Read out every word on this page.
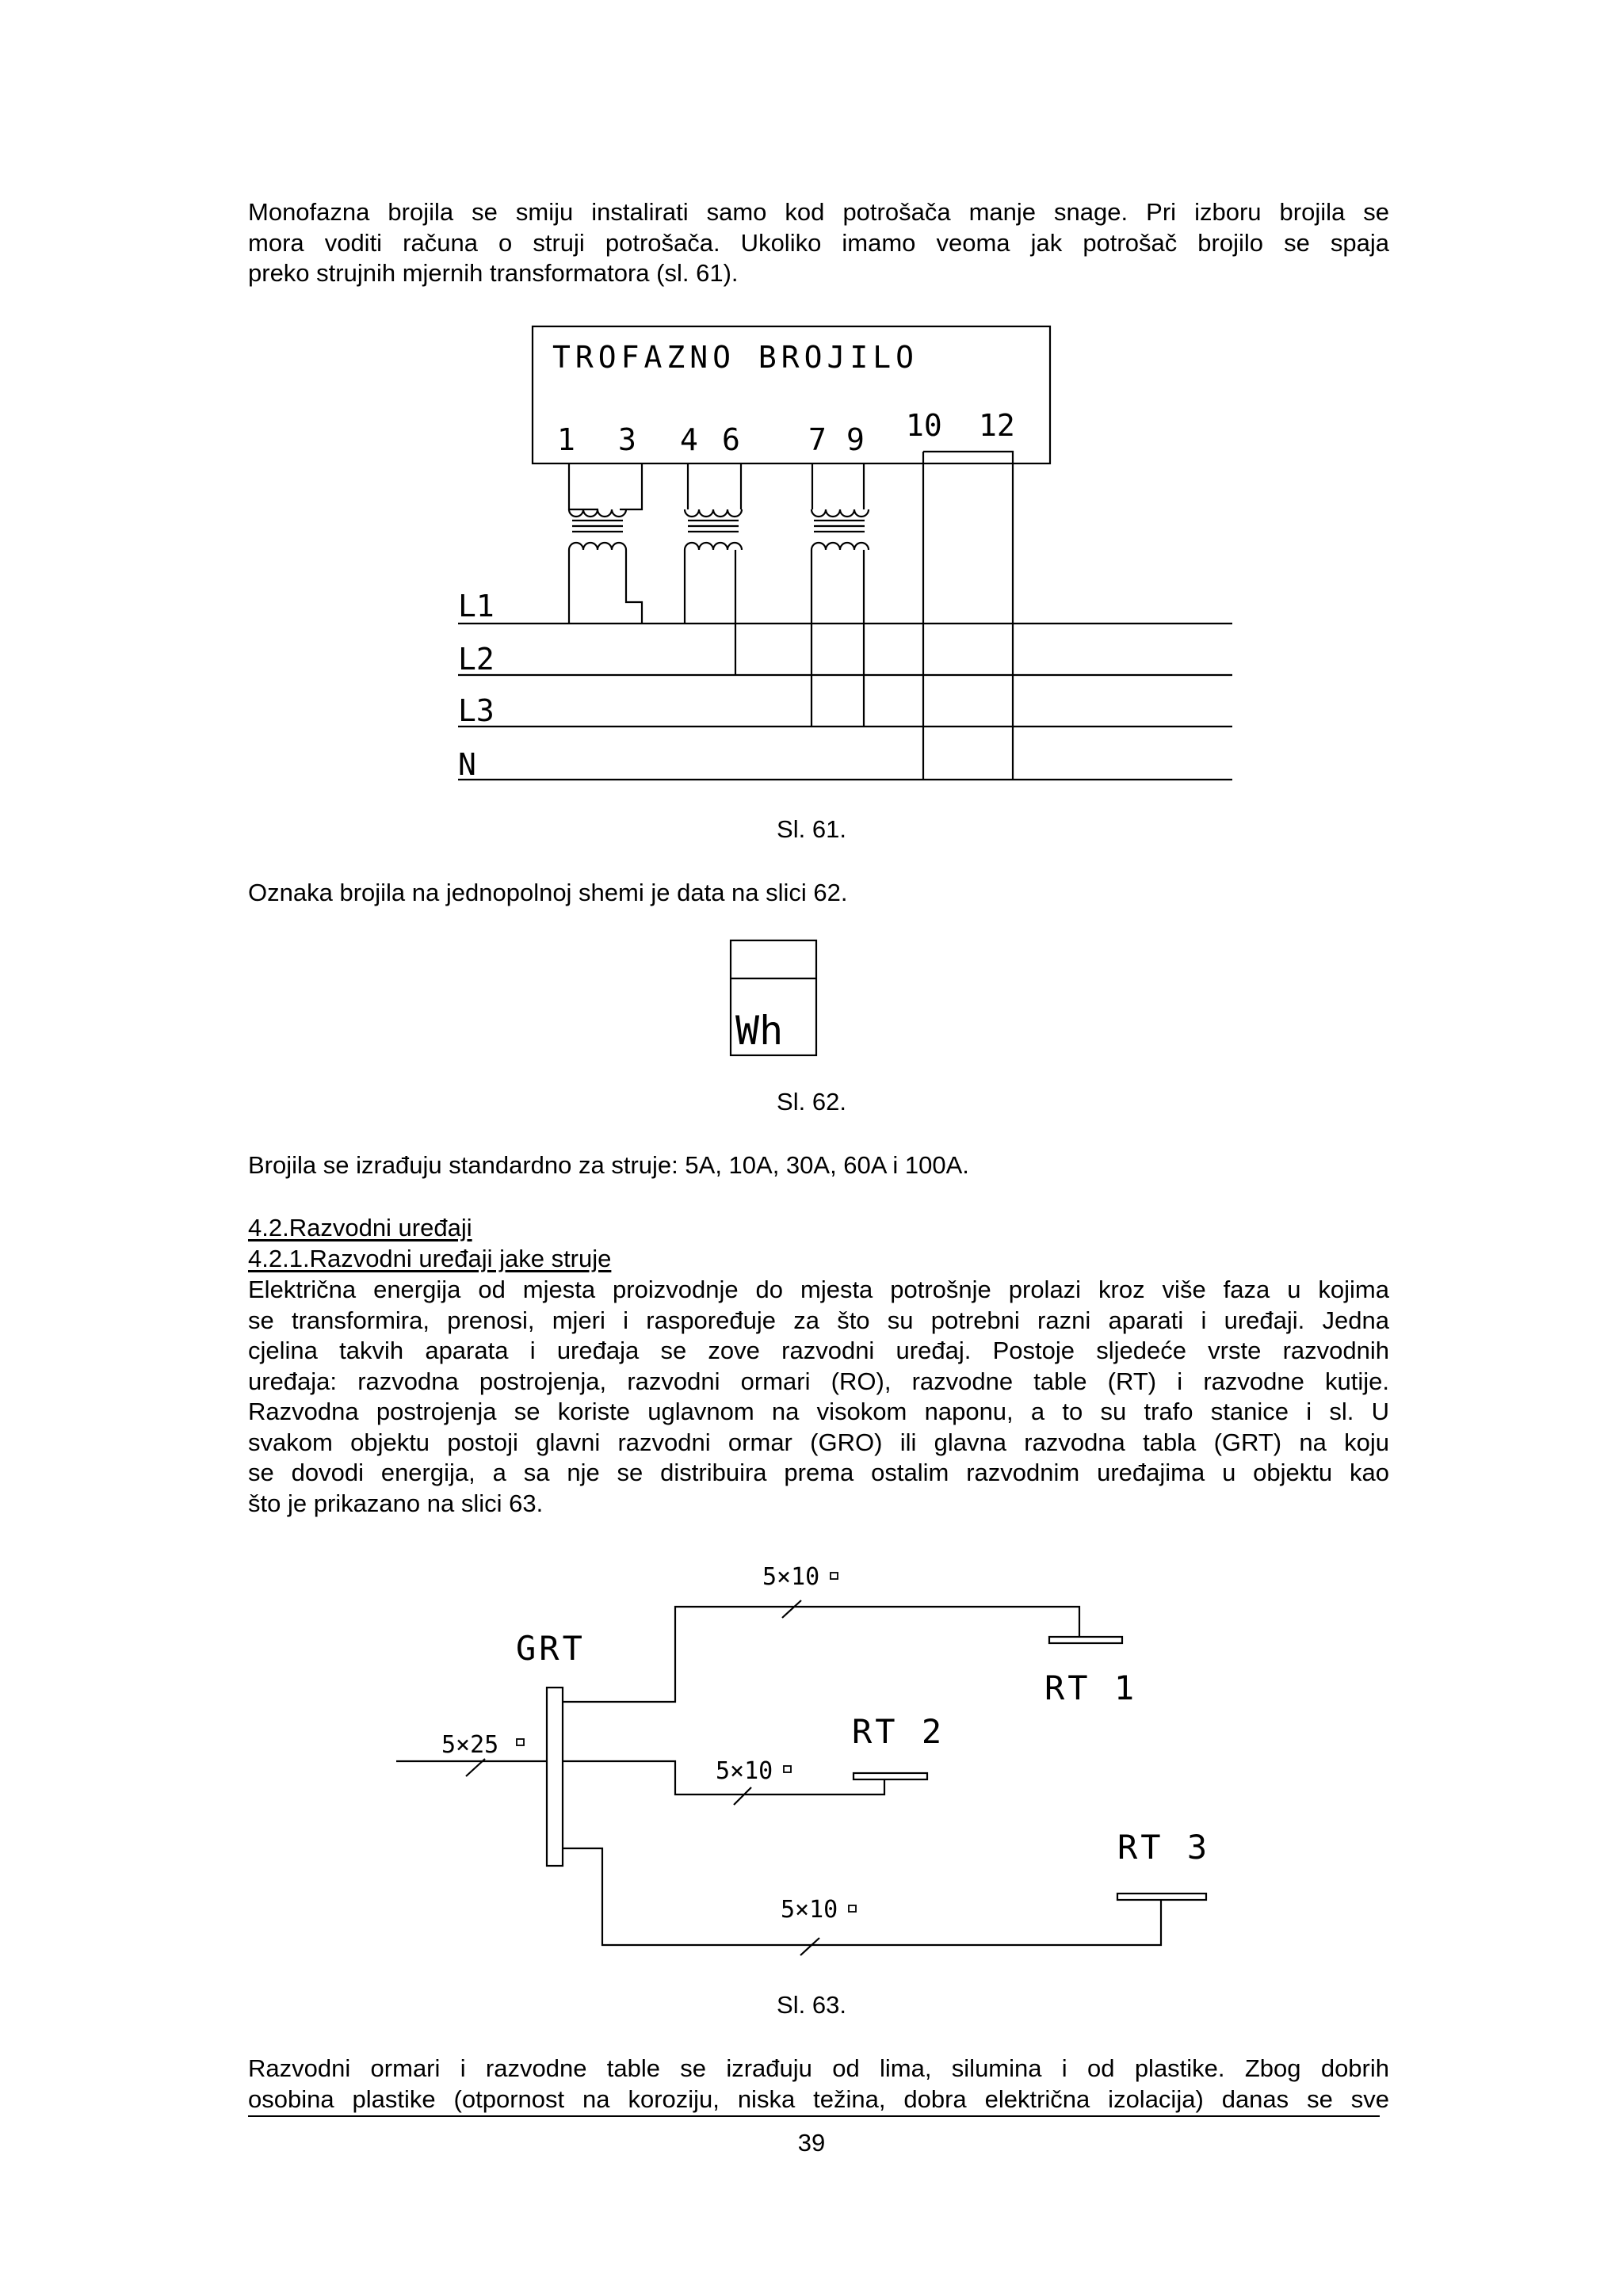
Monofazna brojila se smiju instalirati samo kod potrošača manje snage. Pri izboru brojila se
mora voditi računa o struji potrošača. Ukoliko imamo veoma jak potrošač brojilo se spaja
preko strujnih mjernih transformatora (sl. 61).
TROFAZNO BROJILO
1 3 4 6 7 9 10 12
L1
L2
L3
N

Sl. 61.

Oznaka brojila na jednopolnoj shemi je data na slici 62.

Wh

Sl. 62.

Brojila se izrađuju standardno za struje: 5A, 10A, 30A, 60A i 100A.

4.2.Razvodni uređaji

4.2.1.Razvodni uređaji jake struje

Električna energija od mjesta proizvodnje do mjesta potrošnje prolazi kroz više faza u kojima
se transformira, prenosi, mjeri i raspoređuje za što su potrebni razni aparati i uređaji. Jedna
cjelina takvih aparata i uređaja se zove razvodni uređaj. Postoje sljedeće vrste razvodnih
uređaja: razvodna postrojenja, razvodni ormari (RO), razvodne table (RT) i razvodne kutije.
Razvodna postrojenja se koriste uglavnom na visokom naponu, a to su trafo stanice i sl. U
svakom objektu postoji glavni razvodni ormar (GRO) ili glavna razvodna tabla (GRT) na koju
se dovodi energija, a sa nje se distribuira prema ostalim razvodnim uređajima u objektu kao
što je prikazano na slici 63.
GRT
RT 1
RT 2
RT 3
5×25
5×10
5×10
5×10

Sl. 63.

Razvodni ormari i razvodne table se izrađuju od lima, silumina i od plastike. Zbog dobrih
osobina plastike (otpornost na koroziju, niska težina, dobra električna izolacija) danas se sve
39
